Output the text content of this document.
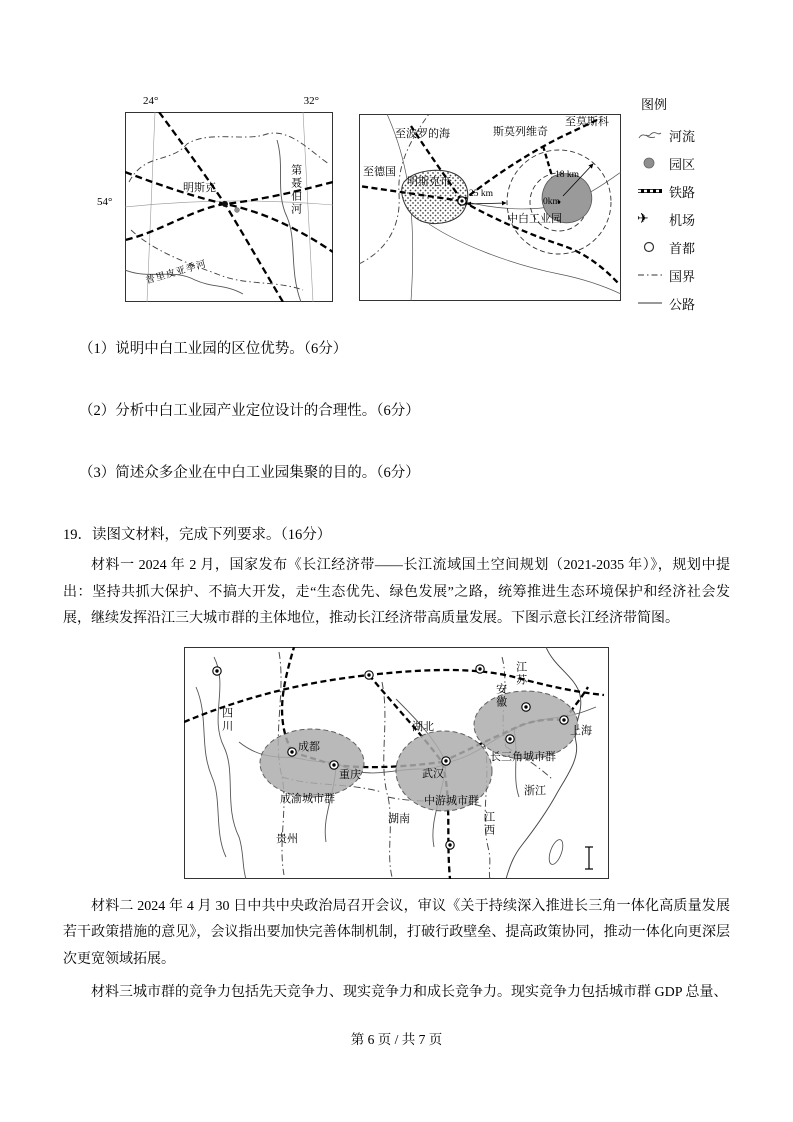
24°	32°
54°
明斯克	第聂伯河
普里皮亚季河
至波罗的海	斯莫列维奇
至莫斯科
至德国
明斯克市
25 km
18 km
0km
中白工业园

图例

河流
园区
铁路
✈ 机场
首都
国界
公路

（1）说明中白工业园的区位优势。（6分）

（2）分析中白工业园产业定位设计的合理性。（6分）

（3）简述众多企业在中白工业园集聚的目的。（6分）

19．读图文材料，完成下列要求。（16分）

材料一 2024 年 2 月，国家发布《长江经济带——长江流域国土空间规划（2021-2035 年）》，规划中提出：坚持共抓大保护、不搞大开发，走“生态优先、绿色发展”之路，统筹推进生态环境保护和经济社会发展，继续发挥沿江三大城市群的主体地位，推动长江经济带高质量发展。下图示意长江经济带简图。

四川
成都
重庆
成渝城市群
贵州
湖北
武汉
中游城市群
湖南	江西
安徽
江苏
上海
长三角城市群
浙江

材料二 2024 年 4 月 30 日中共中央政治局召开会议，审议《关于持续深入推进长三角一体化高质量发展若干政策措施的意见》，会议指出要加快完善体制机制，打破行政壁垒、提高政策协同，推动一体化向更深层次更宽领域拓展。

材料三城市群的竞争力包括先天竞争力、现实竞争力和成长竞争力。现实竞争力包括城市群 GDP 总量、

第 6 页 / 共 7 页
